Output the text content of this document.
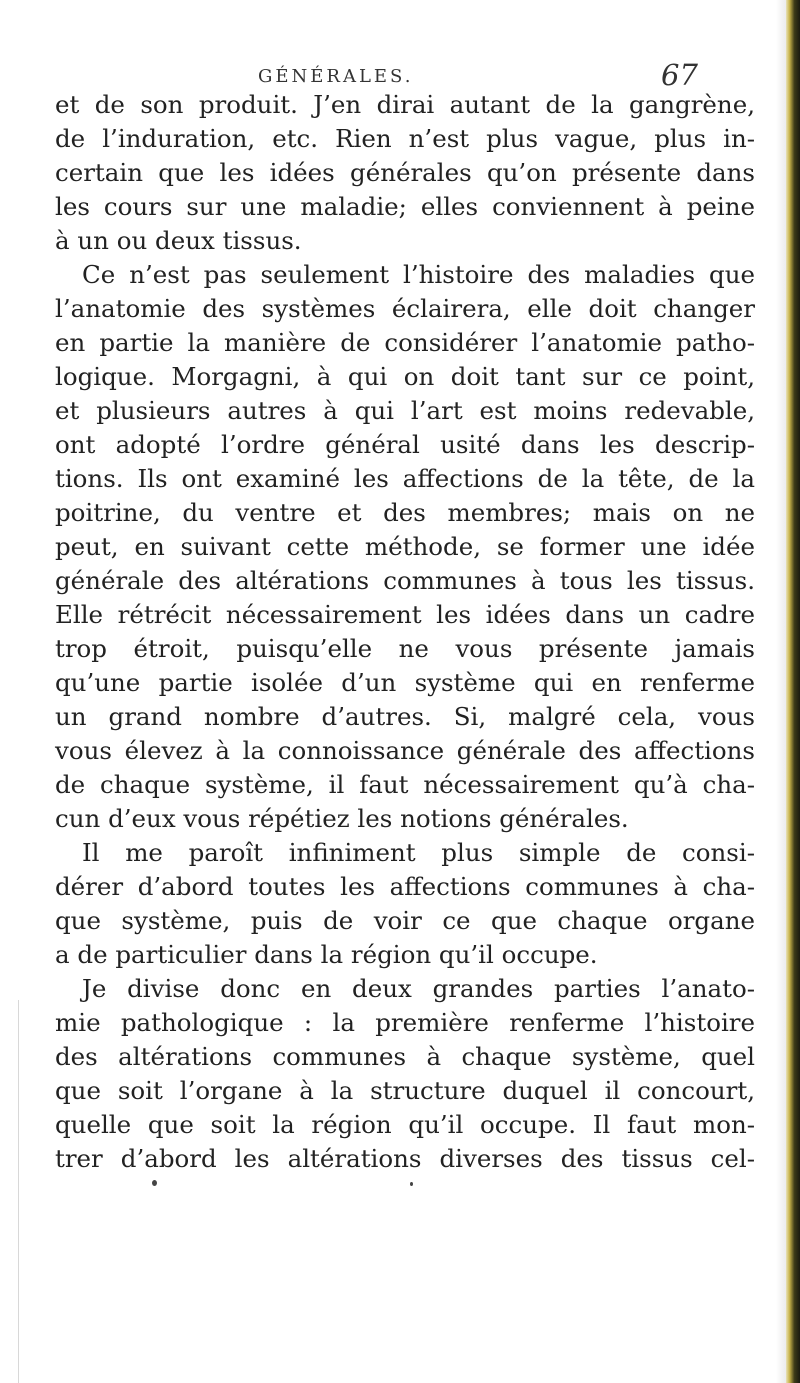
GÉNÉRALES.	67
et de son produit. J’en dirai autant de la gangrène,
de l’induration, etc. Rien n’est plus vague, plus in-
certain que les idées générales qu’on présente dans
les cours sur une maladie; elles conviennent à peine
à un ou deux tissus.
Ce n’est pas seulement l’histoire des maladies que
l’anatomie des systèmes éclairera, elle doit changer
en partie la manière de considérer l’anatomie patho-
logique. Morgagni, à qui on doit tant sur ce point,
et plusieurs autres à qui l’art est moins redevable,
ont adopté l’ordre général usité dans les descrip-
tions. Ils ont examiné les affections de la tête, de la
poitrine, du ventre et des membres; mais on ne
peut, en suivant cette méthode, se former une idée
générale des altérations communes à tous les tissus.
Elle rétrécit nécessairement les idées dans un cadre
trop étroit, puisqu’elle ne vous présente jamais
qu’une partie isolée d’un système qui en renferme
un grand nombre d’autres. Si, malgré cela, vous
vous élevez à la connoissance générale des affections
de chaque système, il faut nécessairement qu’à cha-
cun d’eux vous répétiez les notions générales.
Il me paroît infiniment plus simple de consi-
dérer d’abord toutes les affections communes à cha-
que système, puis de voir ce que chaque organe
a de particulier dans la région qu’il occupe.
Je divise donc en deux grandes parties l’anato-
mie pathologique : la première renferme l’histoire
des altérations communes à chaque système, quel
que soit l’organe à la structure duquel il concourt,
quelle que soit la région qu’il occupe. Il faut mon-
trer d’abord les altérations diverses des tissus cel-
